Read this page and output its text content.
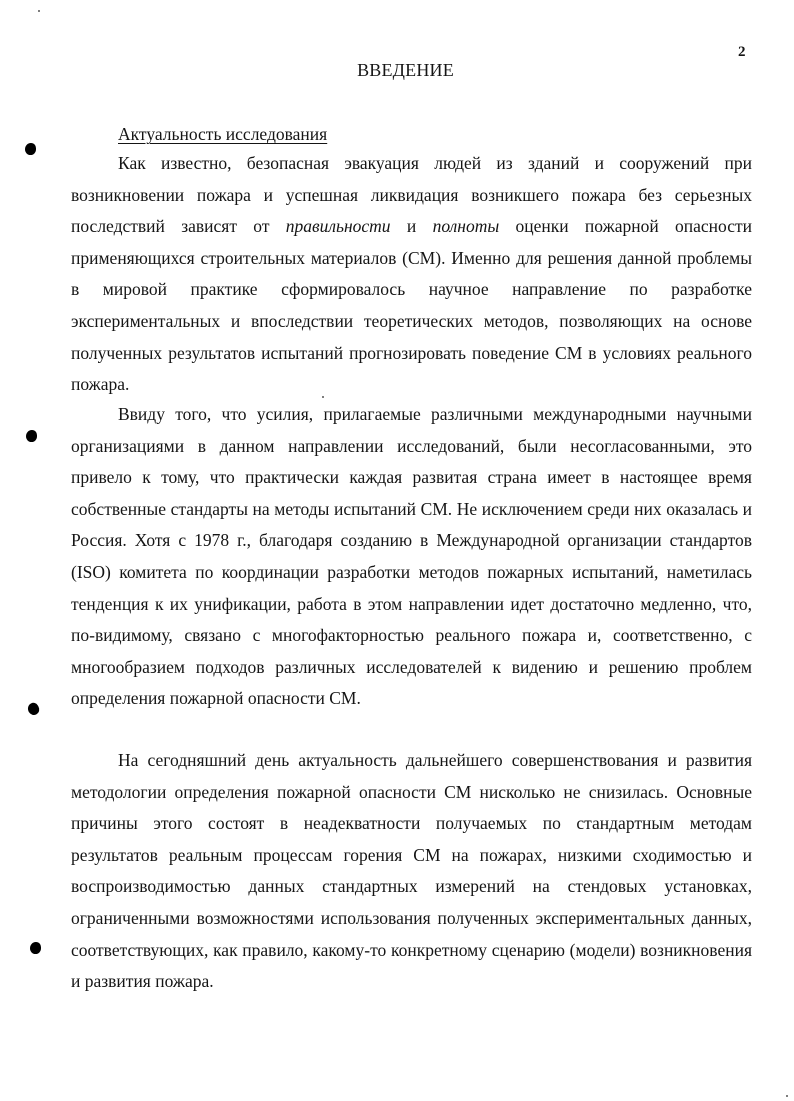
2
ВВЕДЕНИЕ
Актуальность исследования

Как известно, безопасная эвакуация людей из зданий и сооружений при возникновении пожара и успешная ликвидация возникшего пожара без серьезных последствий зависят от правильности и полноты оценки пожарной опасности применяющихся строительных материалов (СМ). Именно для решения данной проблемы в мировой практике сформировалось научное направление по разработке экспериментальных и впоследствии теоретических методов, позволяющих на основе полученных результатов испытаний прогнозировать поведение СМ в условиях реального пожара.

Ввиду того, что усилия, прилагаемые различными международными научными организациями в данном направлении исследований, были несогласованными, это привело к тому, что практически каждая развитая страна имеет в настоящее время собственные стандарты на методы испытаний СМ. Не исключением среди них оказалась и Россия. Хотя с 1978 г., благодаря созданию в Международной организации стандартов (ISO) комитета по координации разработки методов пожарных испытаний, наметилась тенденция к их унификации, работа в этом направлении идет достаточно медленно, что, по-видимому, связано с многофакторностью реального пожара и, соответственно, с многообразием подходов различных исследователей к видению и решению проблем определения пожарной опасности СМ.

На сегодняшний день актуальность дальнейшего совершенствования и развития методологии определения пожарной опасности СМ нисколько не снизилась. Основные причины этого состоят в неадекватности получаемых по стандартным методам результатов реальным процессам горения СМ на пожарах, низкими сходимостью и воспроизводимостью данных стандартных измерений на стендовых установках, ограниченными возможностями использования полученных экспериментальных данных, соответствующих, как правило, какому-то конкретному сценарию (модели) возникновения и развития пожара.
